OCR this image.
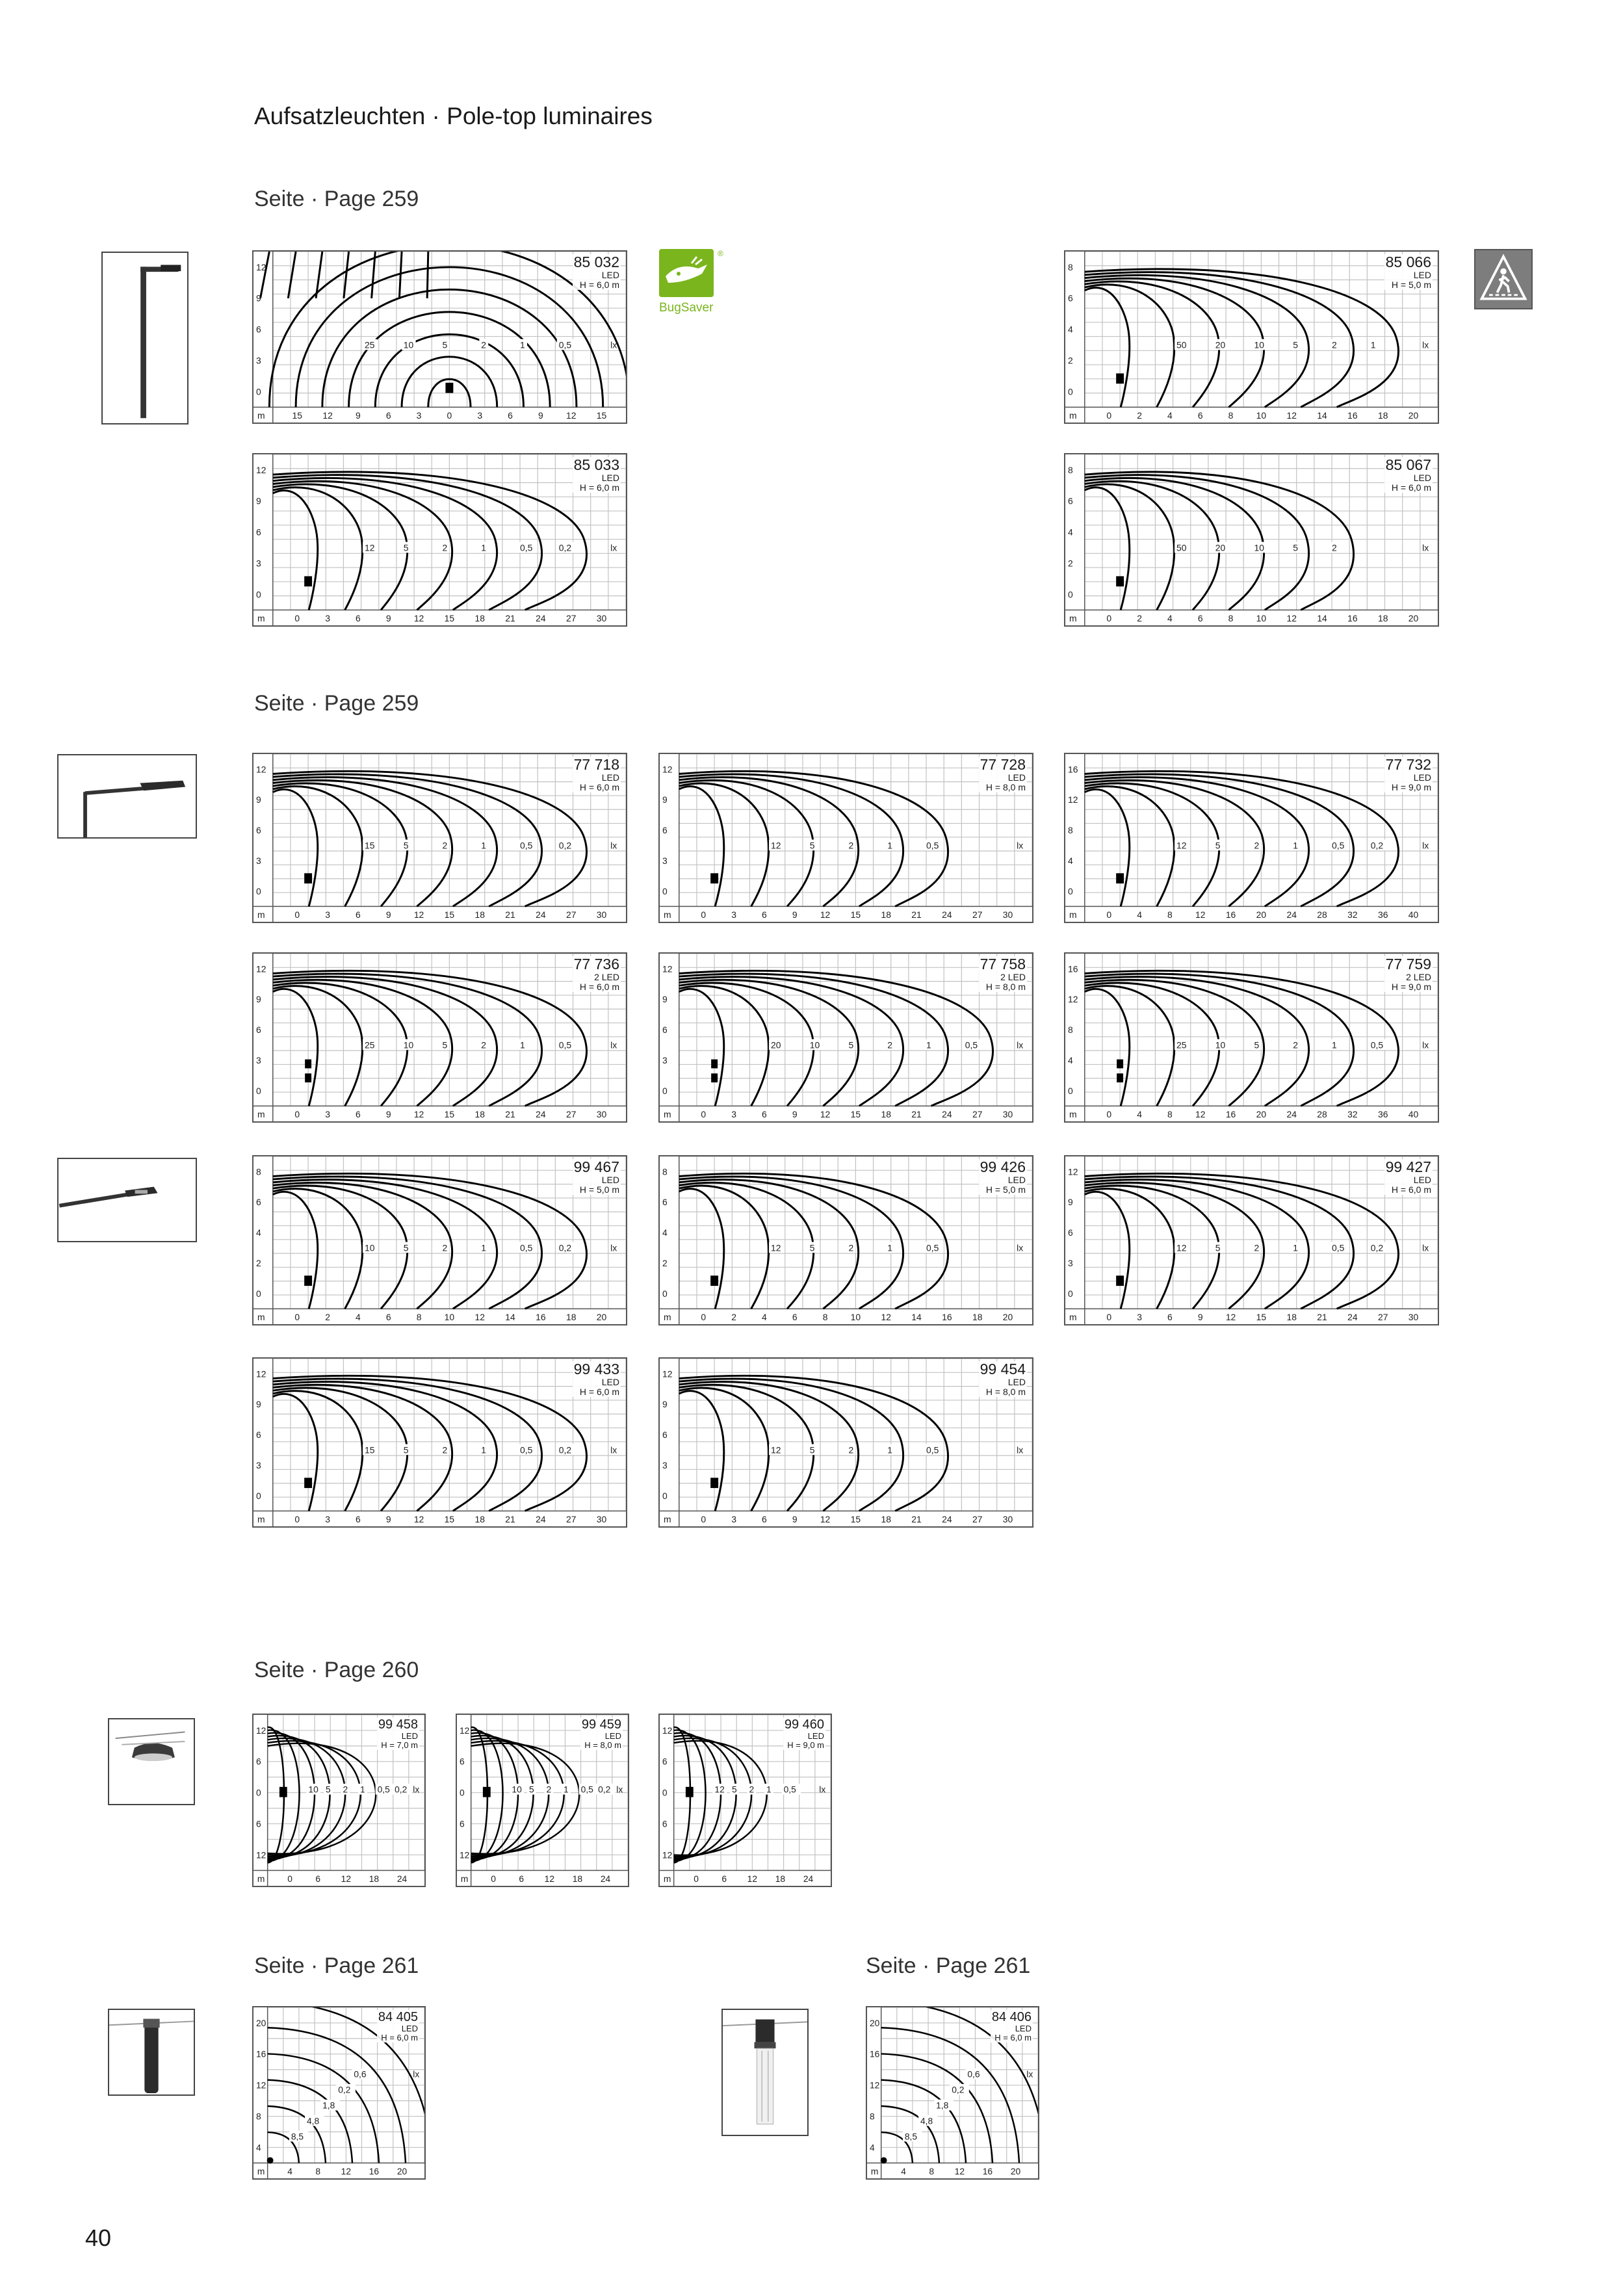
Aufsatzleuchten · Pole-top luminaires
Seite · Page 259
Seite · Page 259
Seite · Page 260
Seite · Page 261	Seite · Page 261
40
®
BugSaver
25	10	5	2	1	0,5	lx
12
9
6
3
0
m	15 12	9	6	3	0	3	6	9	12 15
85 032
LED
H = 6,0 m
50	20	10	5	2	1	lx
8
6
4
2
0
m	0	2	4	6	8	10 12 14 16 18 20
85 066
LED
H = 5,0 m
12	5	2	1	0,5	0,2	lx
12
9
6
3
0
m	0	3	6	9	12 15 18 21 24 27 30
85 033
LED
H = 6,0 m
50	20	10	5	2	lx
8
6
4
2
0
m	0	2	4	6	8	10 12 14 16 18 20
85 067
LED
H = 6,0 m
15	5	2	1	0,5	0,2	lx
12
9
6
3
0
m	0	3	6	9	12 15 18 21 24 27 30
77 718
LED
H = 6,0 m
12	5	2	1	0,5	lx
12
9
6
3
0
m	0	3	6	9	12 15 18 21 24 27 30
77 728
LED
H = 8,0 m
12	5	2	1	0,5	0,2	lx
16
12
8
4
0
m	0	4	8	12 16 20 24 28 32 36 40
77 732
LED
H = 9,0 m
25	10	5	2	1	0,5	lx
12
9
6
3
0
m	0	3	6	9	12 15 18 21 24 27 30
77 736
2 LED
H = 6,0 m
20	10	5	2	1	0,5	lx
12
9
6
3
0
m	0	3	6	9	12 15 18 21 24 27 30
77 758
2 LED
H = 8,0 m
25	10	5	2	1	0,5	lx
16
12
8
4
0
m	0	4	8	12 16 20 24 28 32 36 40
77 759
2 LED
H = 9,0 m
10	5	2	1	0,5	0,2	lx
8
6
4
2
0
m	0	2	4	6	8	10 12 14 16 18 20
99 467
LED
H = 5,0 m
12	5	2	1	0,5	lx
8
6
4
2
0
m	0	2	4	6	8	10 12 14 16 18 20
99 426
LED
H = 5,0 m
12	5	2	1	0,5	0,2	lx
12
9
6
3
0
m	0	3	6	9	12 15 18 21 24 27 30
99 427
LED
H = 6,0 m
15	5	2	1	0,5	0,2	lx
12
9
6
3
0
m	0	3	6	9	12 15 18 21 24 27 30
99 433
LED
H = 6,0 m
12	5	2	1	0,5	lx
12
9
6
3
0
m	0	3	6	9	12 15 18 21 24 27 30
99 454
LED
H = 8,0 m
10 5 2 1 0,5 0,2 lx
12
6
0
6
12
m 0	6 12 18 24
99 458
LED
H = 7,0 m
10 5 2 1 0,5 0,2 lx
12
6
0
6
12
m 0	6 12 18 24
99 459
LED
H = 8,0 m
12 5 2 1 0,5	lx
12
6
0
6
12
m 0	6 12 18 24
99 460
LED
H = 9,0 m
0,6
0,2
1,8
4,8
8,5
lx
20
16
12
8
4
m 4	8 12 16 20
84 405
LED
H = 6,0 m
0,6
0,2
1,8
4,8
8,5
lx
20
16
12
8
4
m 4	8 12 16 20
84 406
LED
H = 6,0 m
